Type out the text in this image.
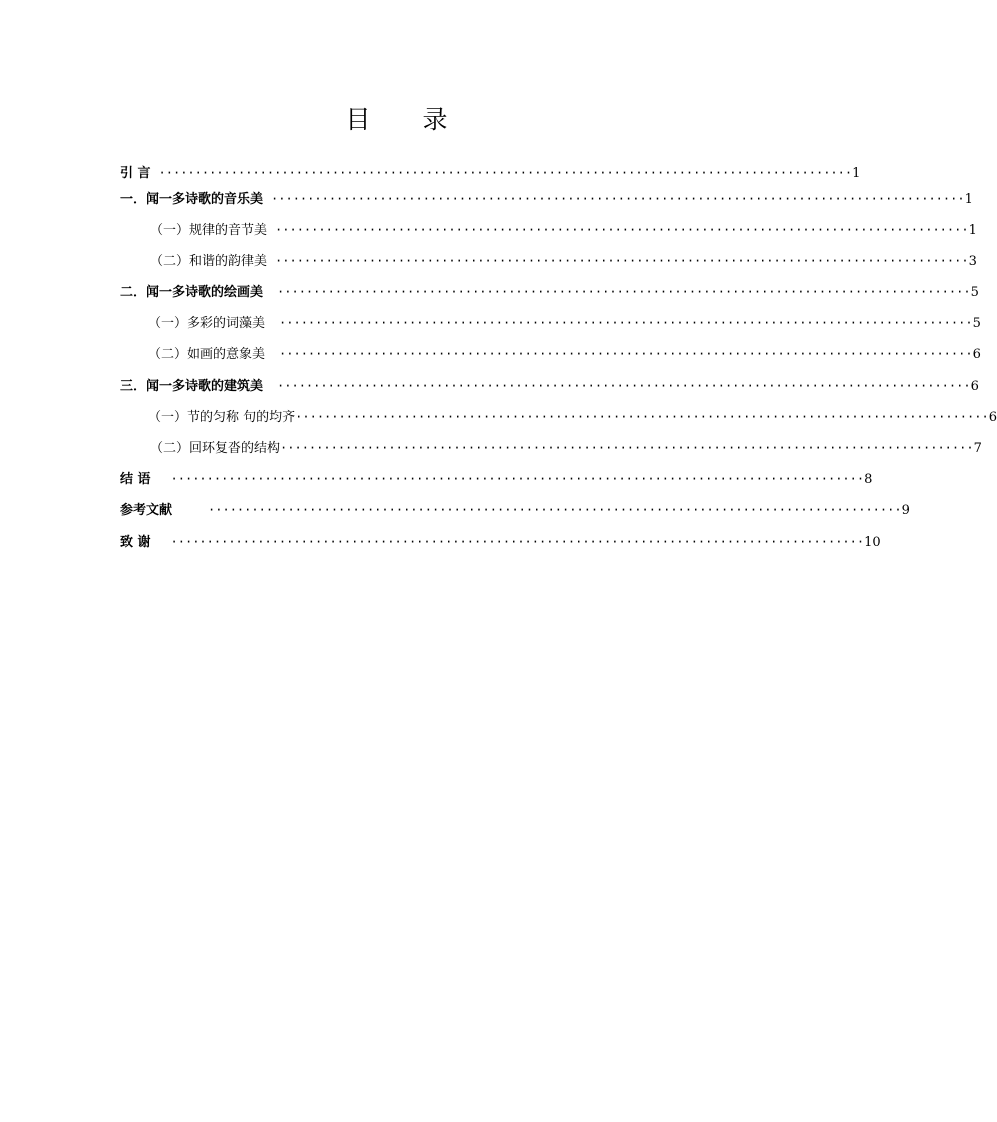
目 录
引 言 ································································································ 1
一．闻一多诗歌的音乐美 ································································································ 1
（一）规律的音节美 ································································································ 1
（二）和谐的韵律美 ································································································ 3
二．闻一多诗歌的绘画美 ································································································ 5
（一）多彩的词藻美 ································································································ 5
（二）如画的意象美 ································································································ 6
三．闻一多诗歌的建筑美 ································································································ 6
（一）节的匀称 句的均齐 ································································································ 6
（二）回环复沓的结构 ································································································ 7
结 语 ································································································ 8
参考文献	································································································ 9
致 谢 ································································································ 10
